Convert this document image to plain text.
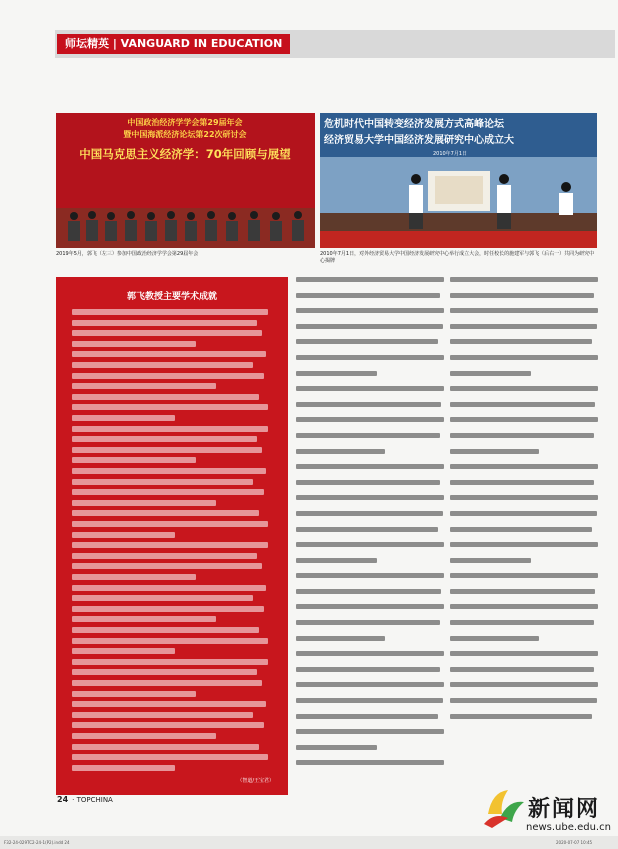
师坛精英 | VANGUARD IN EDUCATION
中国政治经济学学会第29届年会
暨中国海派经济论坛第22次研讨会
中国马克思主义经济学：70年回顾与展望
2019年5月，郭飞（左三）参加中国政治经济学学会第29届年会
危机时代中国转变经济发展方式高峰论坛
经济贸易大学中国经济发展研究中心成立大
2010年7月1日
2010年7月1日，对外经济贸易大学中国经济发展研究中心举行成立大会，时任校长的施建军与郭飞（后右一）共同为研究中心揭牌
郭飞教授主要学术成就
（智道/王宝君）
24 · TOPCHINA	新闻网
news.ube.edu.cn
F32-24-029TC2-24-1(P2).indd 24	2020-07-07 10:45
